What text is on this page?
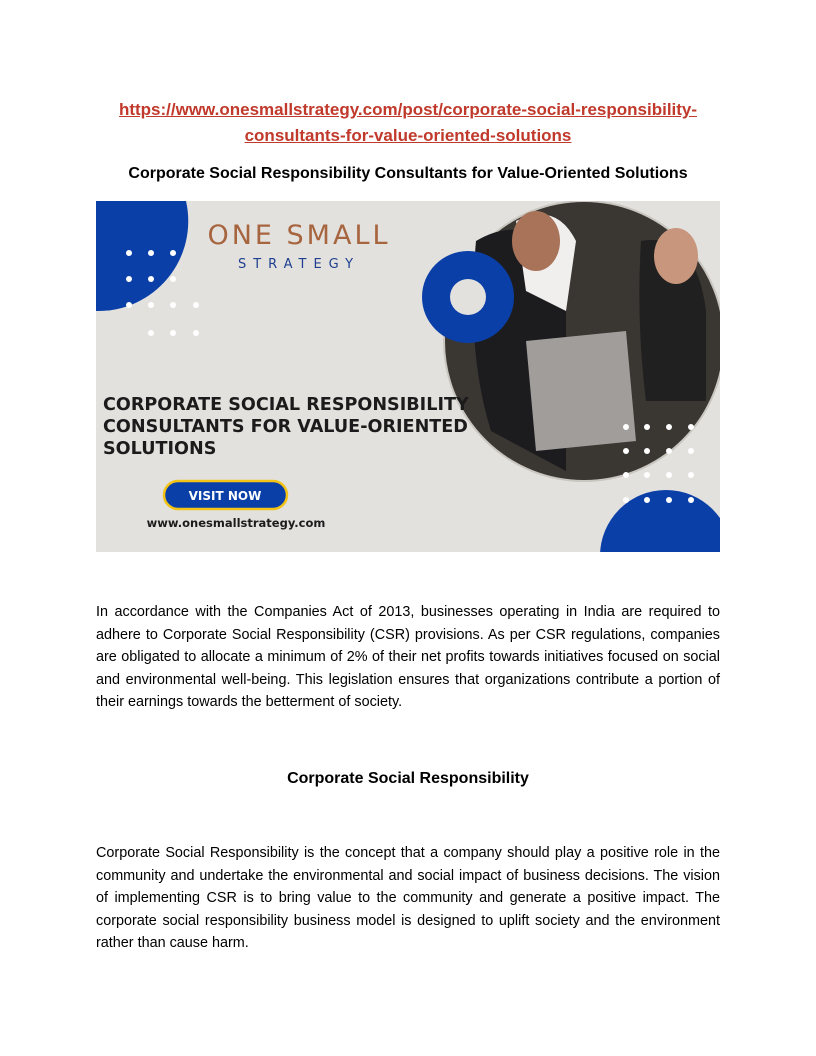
https://www.onesmallstrategy.com/post/corporate-social-responsibility-
consultants-for-value-oriented-solutions
Corporate Social Responsibility Consultants for Value-Oriented Solutions
ONE SMALL
STRATEGY
CORPORATE SOCIAL RESPONSIBILITY
CONSULTANTS FOR VALUE-ORIENTED
SOLUTIONS
VISIT NOW
www.onesmallstrategy.com
In accordance with the Companies Act of 2013, businesses operating in India are required to adhere to Corporate Social Responsibility (CSR) provisions. As per CSR regulations, companies are obligated to allocate a minimum of 2% of their net profits towards initiatives focused on social and environmental well-being. This legislation ensures that organizations contribute a portion of their earnings towards the betterment of society.
Corporate Social Responsibility
Corporate Social Responsibility is the concept that a company should play a positive role in the community and undertake the environmental and social impact of business decisions. The vision of implementing CSR is to bring value to the community and generate a positive impact. The corporate social responsibility business model is designed to uplift society and the environment rather than cause harm.
